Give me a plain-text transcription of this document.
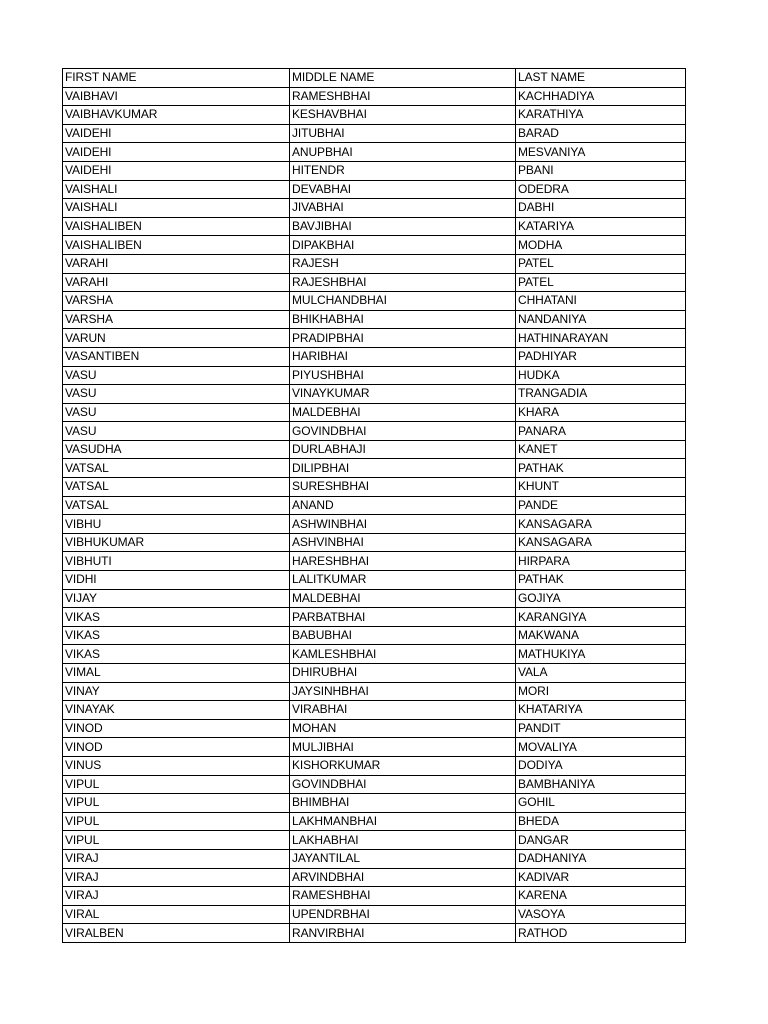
FIRST NAME	MIDDLE NAME	LAST NAME
VAIBHAVI	RAMESHBHAI	KACHHADIYA
VAIBHAVKUMAR	KESHAVBHAI	KARATHIYA
VAIDEHI	JITUBHAI	BARAD
VAIDEHI	ANUPBHAI	MESVANIYA
VAIDEHI	HITENDR	PBANI
VAISHALI	DEVABHAI	ODEDRA
VAISHALI	JIVABHAI	DABHI
VAISHALIBEN	BAVJIBHAI	KATARIYA
VAISHALIBEN	DIPAKBHAI	MODHA
VARAHI	RAJESH	PATEL
VARAHI	RAJESHBHAI	PATEL
VARSHA	MULCHANDBHAI	CHHATANI
VARSHA	BHIKHABHAI	NANDANIYA
VARUN	PRADIPBHAI	HATHINARAYAN
VASANTIBEN	HARIBHAI	PADHIYAR
VASU	PIYUSHBHAI	HUDKA
VASU	VINAYKUMAR	TRANGADIA
VASU	MALDEBHAI	KHARA
VASU	GOVINDBHAI	PANARA
VASUDHA	DURLABHAJI	KANET
VATSAL	DILIPBHAI	PATHAK
VATSAL	SURESHBHAI	KHUNT
VATSAL	ANAND	PANDE
VIBHU	ASHWINBHAI	KANSAGARA
VIBHUKUMAR	ASHVINBHAI	KANSAGARA
VIBHUTI	HARESHBHAI	HIRPARA
VIDHI	LALITKUMAR	PATHAK
VIJAY	MALDEBHAI	GOJIYA
VIKAS	PARBATBHAI	KARANGIYA
VIKAS	BABUBHAI	MAKWANA
VIKAS	KAMLESHBHAI	MATHUKIYA
VIMAL	DHIRUBHAI	VALA
VINAY	JAYSINHBHAI	MORI
VINAYAK	VIRABHAI	KHATARIYA
VINOD	MOHAN	PANDIT
VINOD	MULJIBHAI	MOVALIYA
VINUS	KISHORKUMAR	DODIYA
VIPUL	GOVINDBHAI	BAMBHANIYA
VIPUL	BHIMBHAI	GOHIL
VIPUL	LAKHMANBHAI	BHEDA
VIPUL	LAKHABHAI	DANGAR
VIRAJ	JAYANTILAL	DADHANIYA
VIRAJ	ARVINDBHAI	KADIVAR
VIRAJ	RAMESHBHAI	KARENA
VIRAL	UPENDRBHAI	VASOYA
VIRALBEN	RANVIRBHAI	RATHOD
